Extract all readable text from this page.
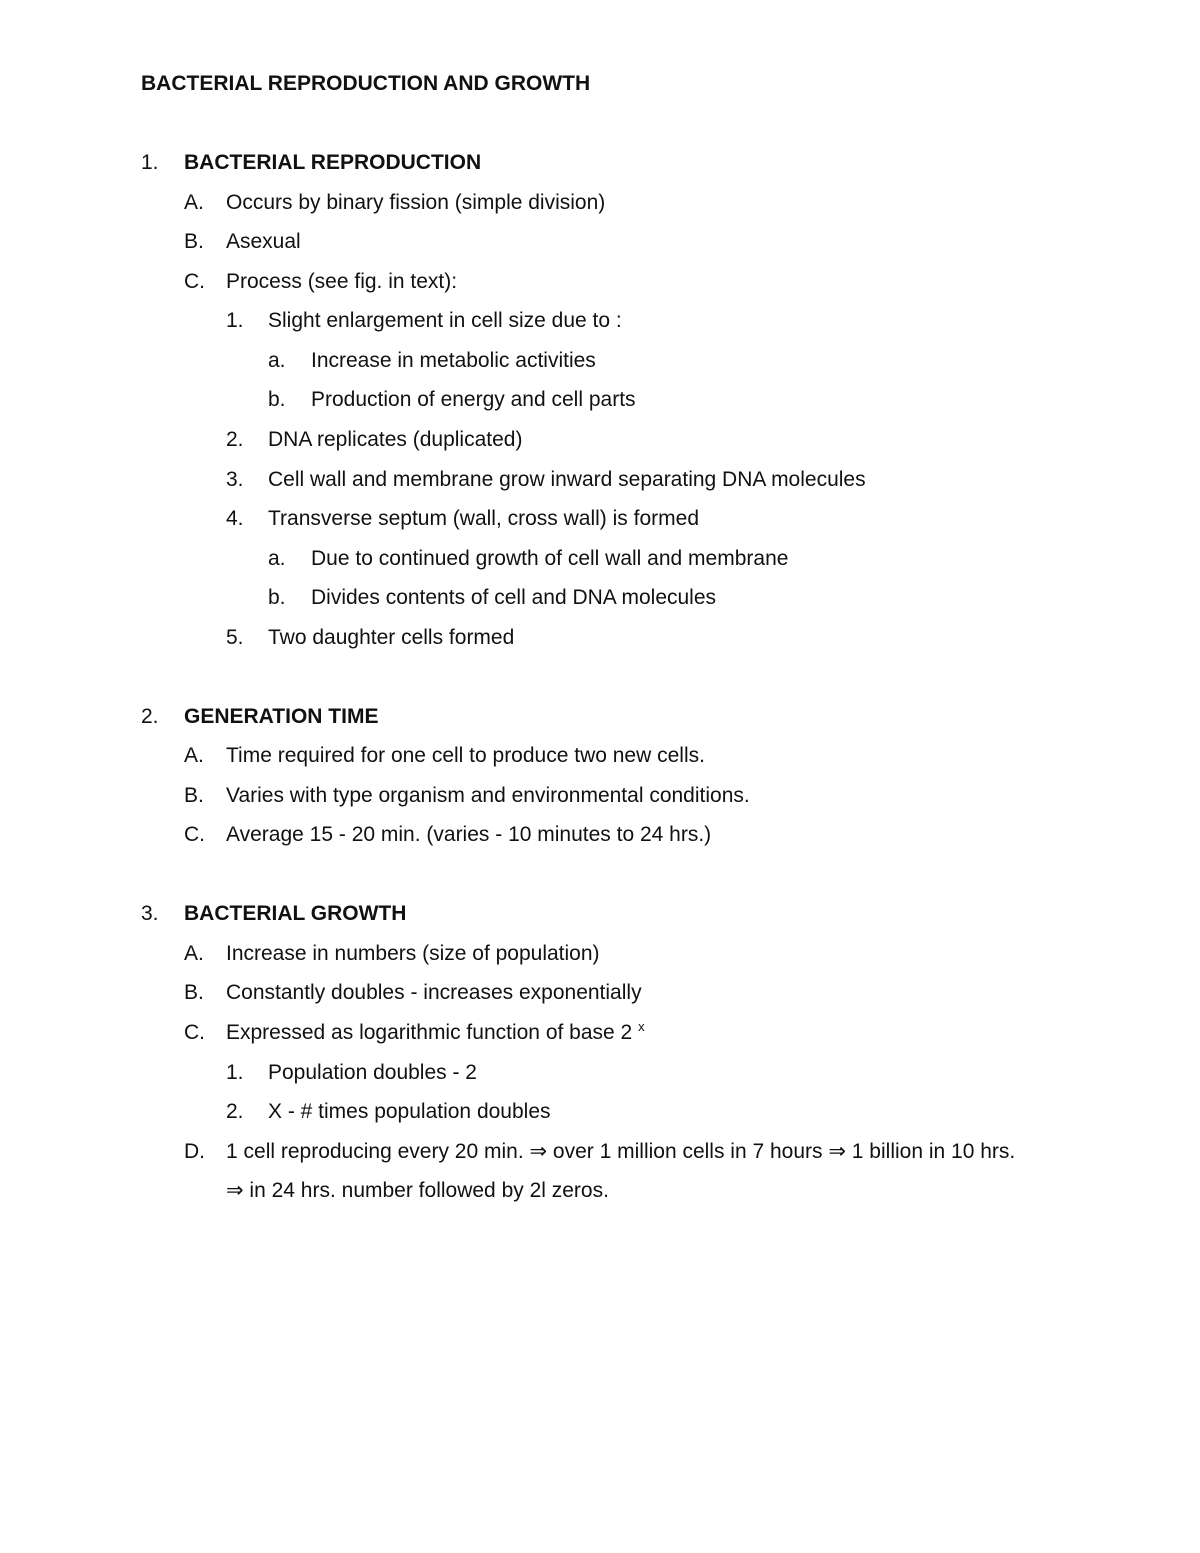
BACTERIAL REPRODUCTION AND GROWTH
1. BACTERIAL REPRODUCTION
A. Occurs by binary fission (simple division)
B. Asexual
C. Process (see fig. in text):
1. Slight enlargement in cell size due to :
a. Increase in metabolic activities
b. Production of energy and cell parts
2. DNA replicates (duplicated)
3. Cell wall and membrane grow inward separating DNA molecules
4. Transverse septum (wall, cross wall) is formed
a. Due to continued growth of cell wall and membrane
b. Divides contents of cell and DNA molecules
5. Two daughter cells formed
2. GENERATION TIME
A. Time required for one cell to produce two new cells.
B. Varies with type organism and environmental conditions.
C. Average 15 - 20 min. (varies - 10 minutes to 24 hrs.)
3. BACTERIAL GROWTH
A. Increase in numbers (size of population)
B. Constantly doubles - increases exponentially
C. Expressed as logarithmic function of base 2 $^x$
1. Population doubles - 2
2. X - # times population doubles
D. 1 cell reproducing every 20 min. ⇒ over 1 million cells in 7 hours ⇒ 1 billion in 10 hrs.
⇒ in 24 hrs. number followed by 2l zeros.
